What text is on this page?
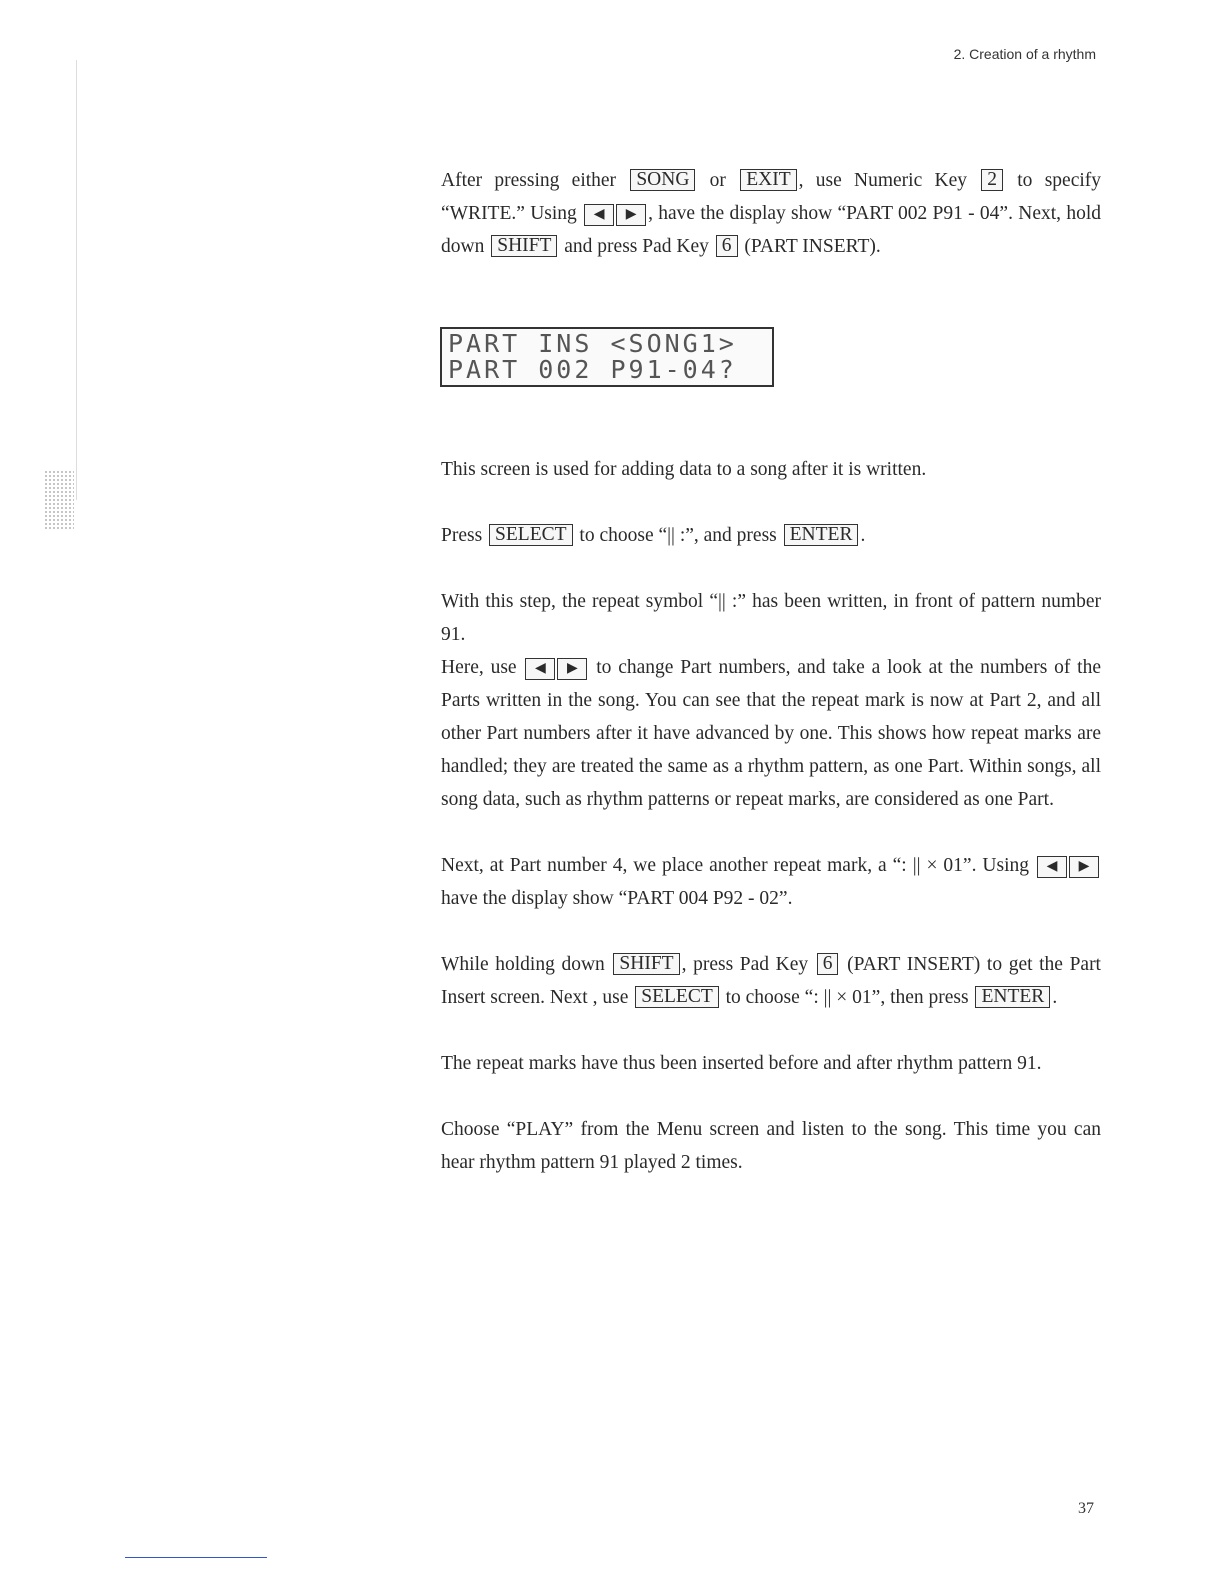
2. Creation of a rhythm

After pressing either SONG or EXIT , use Numeric Key 2 to specify “WRITE.” Using ◀ ▶ , have the display show “PART 002 P91 - 04”. Next, hold down SHIFT and press Pad Key 6 (PART INSERT).

PART INS <SONG1>
PART 002 P91-04?

This screen is used for adding data to a song after it is written.

Press SELECT to choose “|| :”, and press ENTER .

With this step, the repeat symbol “|| :” has been written, in front of pattern number 91.

Here, use ◀ ▶ to change Part numbers, and take a look at the numbers of the Parts written in the song. You can see that the repeat mark is now at Part 2, and all other Part numbers after it have advanced by one. This shows how repeat marks are handled; they are treated the same as a rhythm pattern, as one Part. Within songs, all song data, such as rhythm patterns or repeat marks, are considered as one Part.

Next, at Part number 4, we place another repeat mark, a “: || × 01”. Using ◀ ▶ have the display show “PART 004 P92 - 02”.

While holding down SHIFT , press Pad Key 6 (PART INSERT) to get the Part Insert screen. Next , use SELECT to choose “: || × 01”, then press ENTER .

The repeat marks have thus been inserted before and after rhythm pattern 91.

Choose “PLAY” from the Menu screen and listen to the song. This time you can hear rhythm pattern 91 played 2 times.

37
